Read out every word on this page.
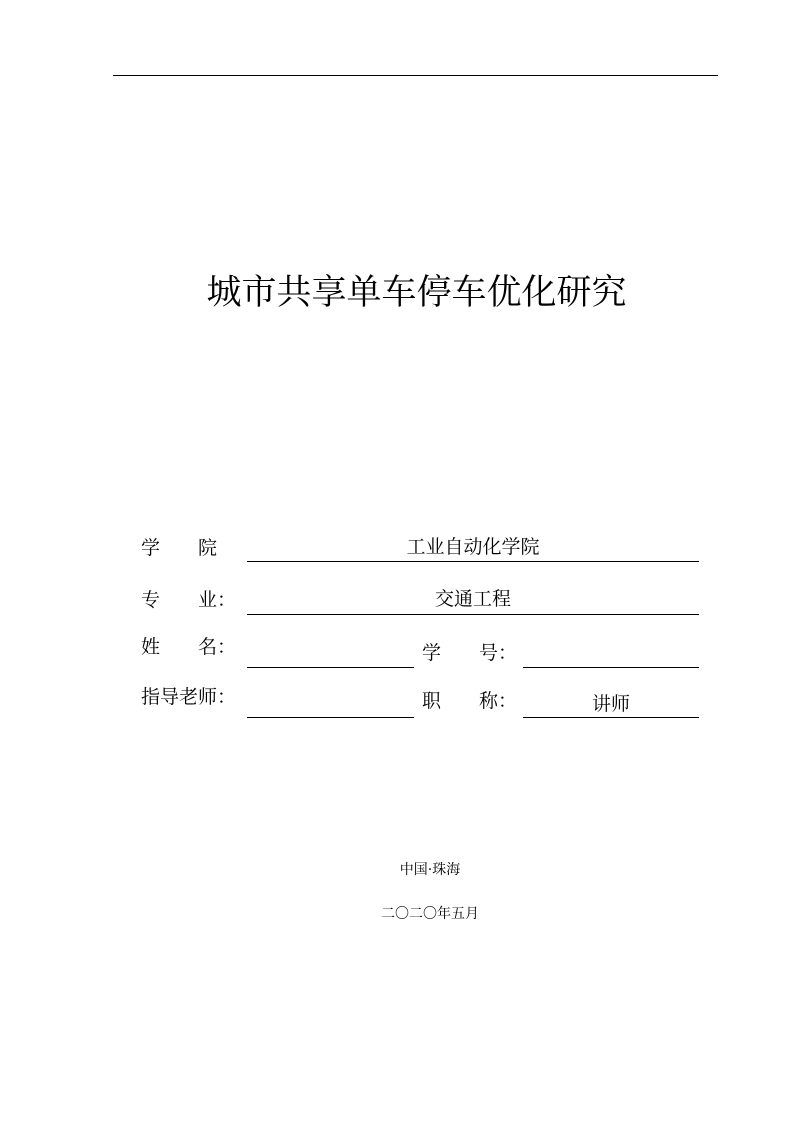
城市共享单车停车优化研究
学　　院	工业自动化学院
专　　业：	交通工程
姓　　名：	学　　号：
指导老师：	职　　称：	讲师
中国·珠海
二〇二〇年五月
